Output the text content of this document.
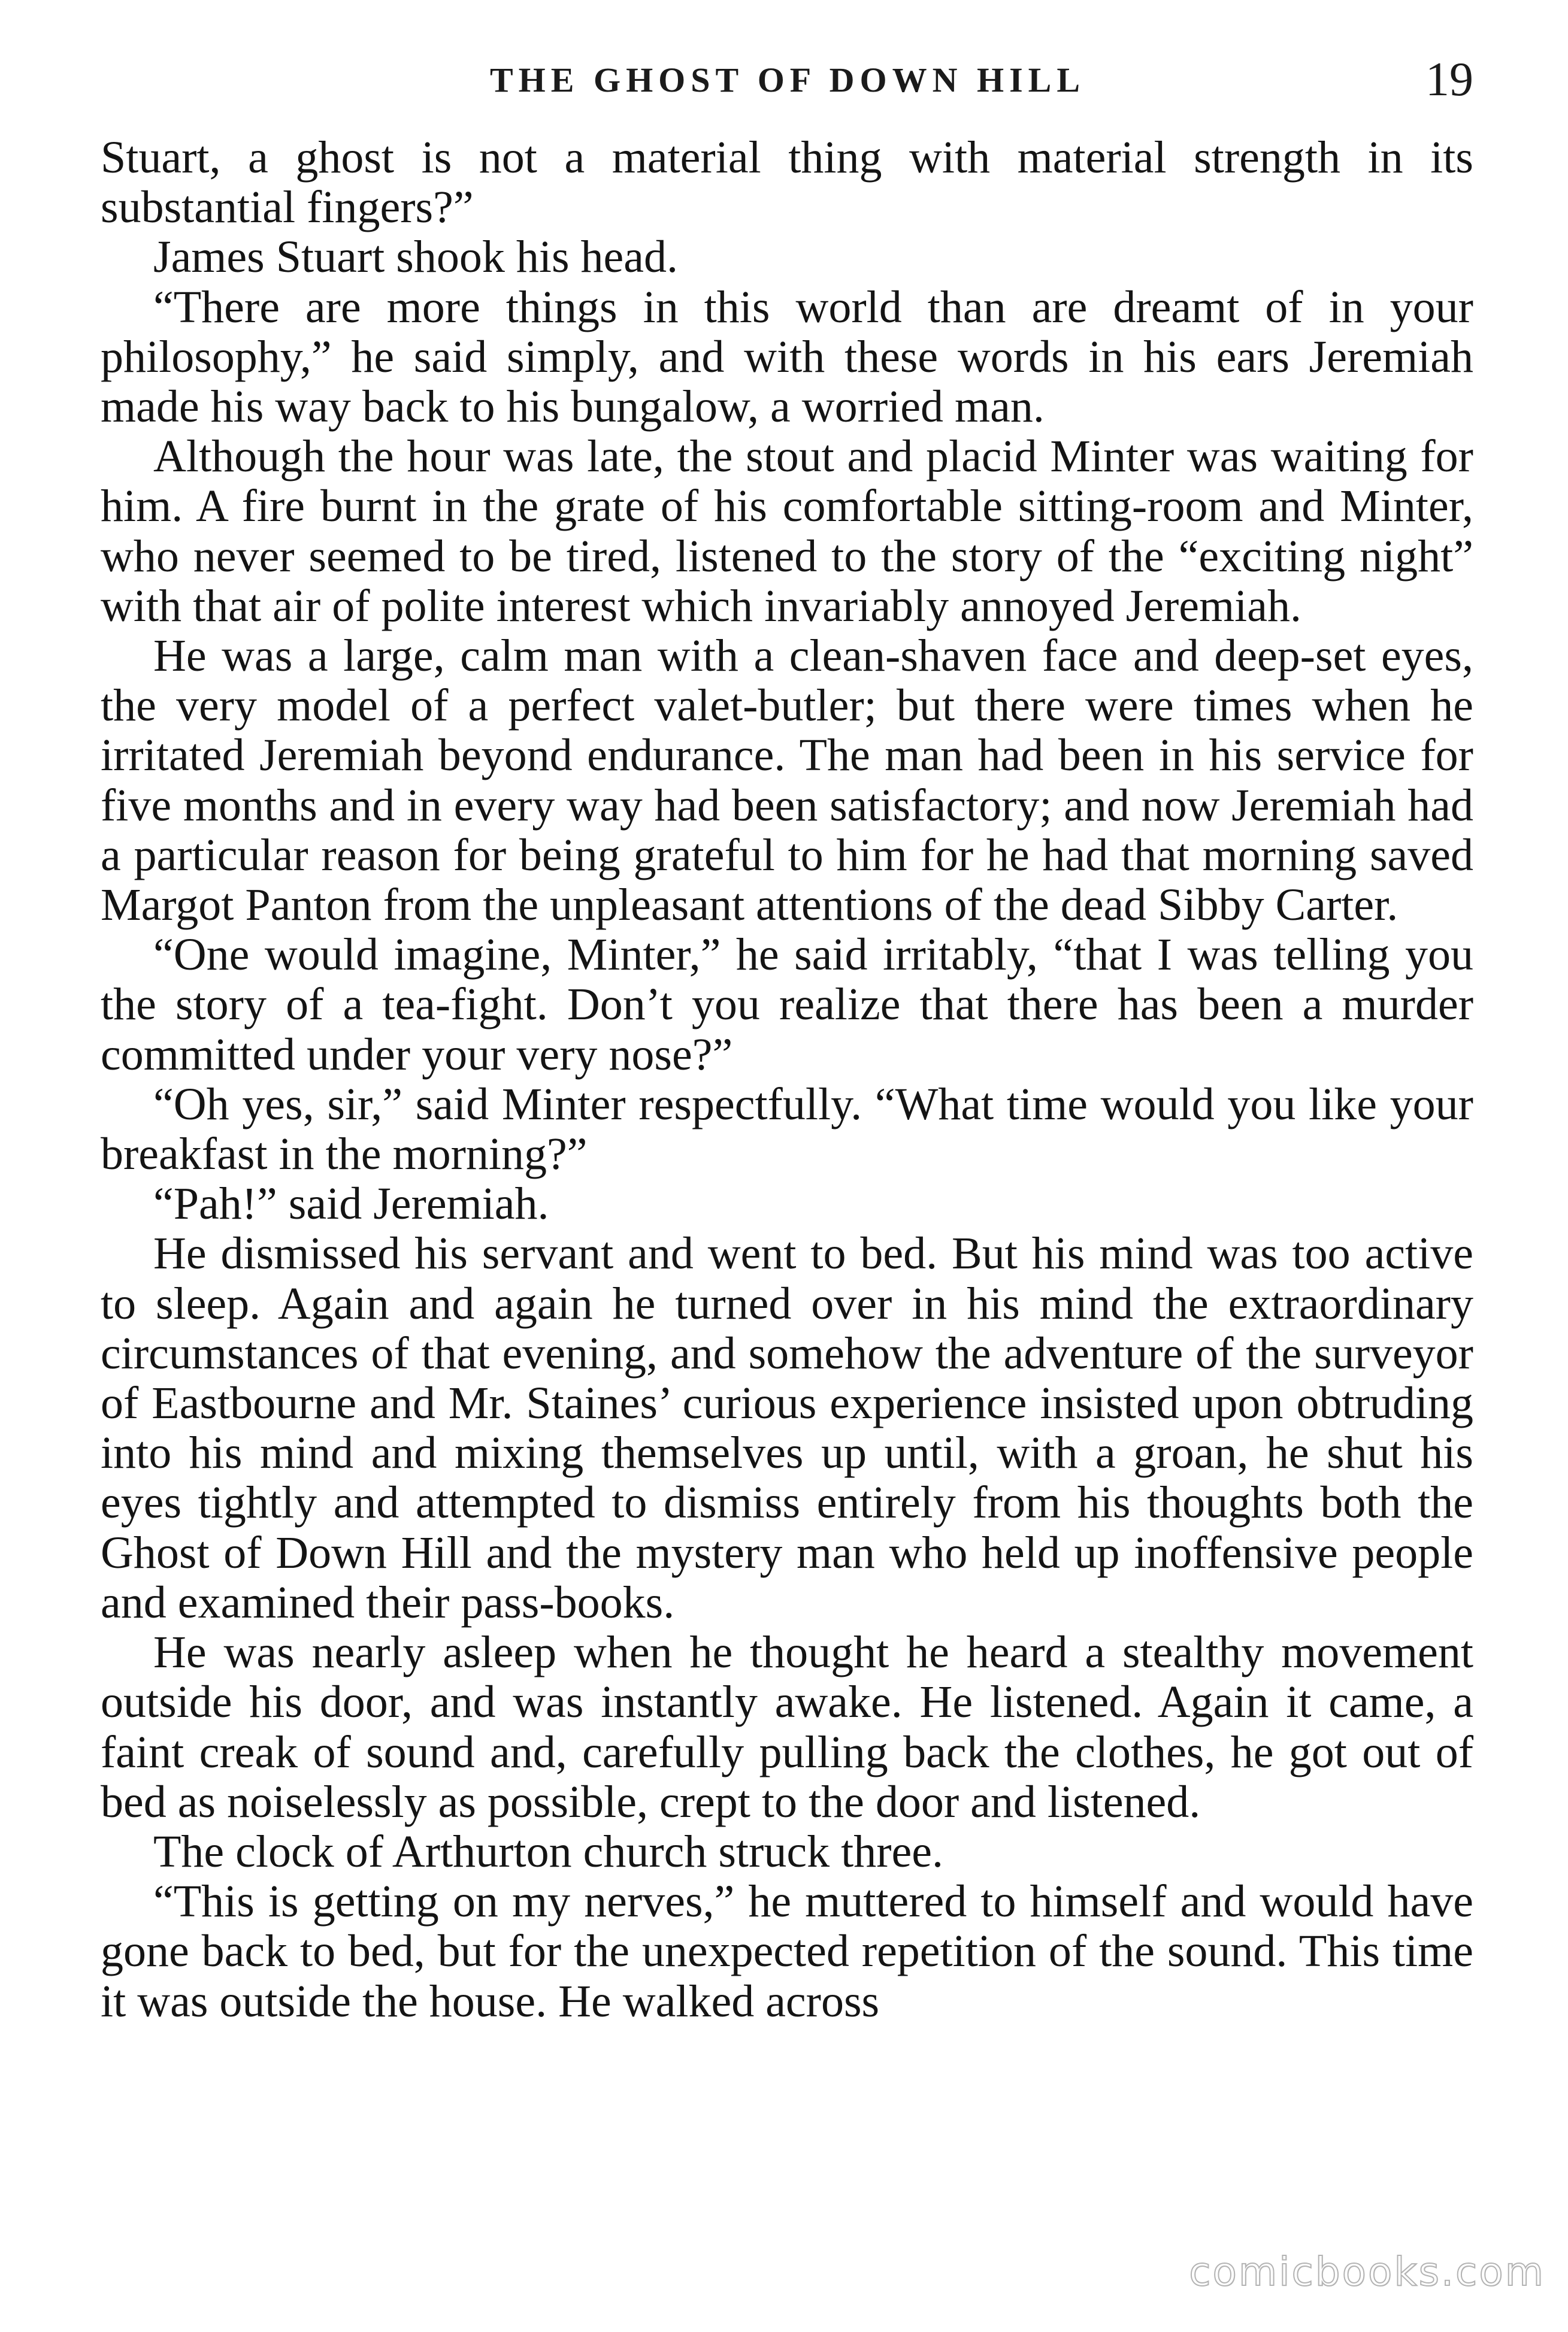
THE GHOST OF DOWN HILL	19

Stuart, a ghost is not a material thing with material strength in its substantial fingers?”

James Stuart shook his head.

“There are more things in this world than are dreamt of in your philosophy,” he said simply, and with these words in his ears Jeremiah made his way back to his bungalow, a worried man.

Although the hour was late, the stout and placid Minter was waiting for him. A fire burnt in the grate of his comfortable sitting-room and Minter, who never seemed to be tired, listened to the story of the “exciting night” with that air of polite interest which invariably annoyed Jeremiah.

He was a large, calm man with a clean-shaven face and deep-set eyes, the very model of a perfect valet-butler; but there were times when he irritated Jeremiah beyond endurance. The man had been in his service for five months and in every way had been satisfactory; and now Jeremiah had a particular reason for being grateful to him for he had that morning saved Margot Panton from the unpleasant attentions of the dead Sibby Carter.

“One would imagine, Minter,” he said irritably, “that I was telling you the story of a tea-fight. Don’t you realize that there has been a murder committed under your very nose?”

“Oh yes, sir,” said Minter respectfully. “What time would you like your breakfast in the morning?”

“Pah!” said Jeremiah.

He dismissed his servant and went to bed. But his mind was too active to sleep. Again and again he turned over in his mind the extraordinary circumstances of that evening, and somehow the adventure of the surveyor of Eastbourne and Mr. Staines’ curious experience insisted upon obtruding into his mind and mixing themselves up until, with a groan, he shut his eyes tightly and attempted to dismiss entirely from his thoughts both the Ghost of Down Hill and the mystery man who held up inoffensive people and examined their pass-books.

He was nearly asleep when he thought he heard a stealthy movement outside his door, and was instantly awake. He listened. Again it came, a faint creak of sound and, carefully pulling back the clothes, he got out of bed as noiselessly as possible, crept to the door and listened.

The clock of Arthurton church struck three.

“This is getting on my nerves,” he muttered to himself and would have gone back to bed, but for the unexpected repetition of the sound. This time it was outside the house. He walked across

comicbooks.com
